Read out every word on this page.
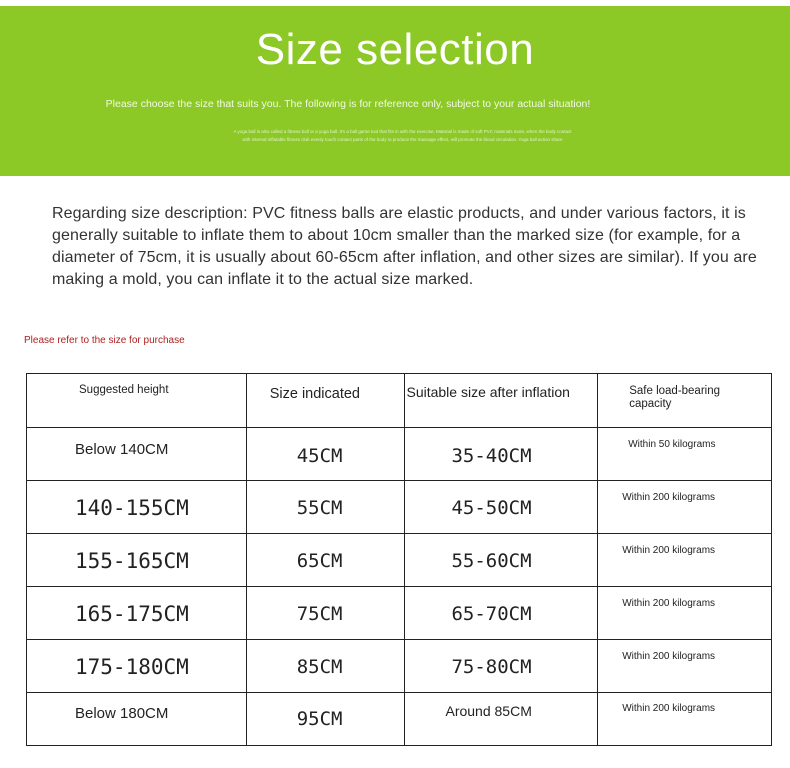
Size selection
Please choose the size that suits you. The following is for reference only, subject to your actual situation!
A yoga ball is also called a fitness ball or a yoga ball. It's a ball game tool that fits in with the exercise. Material is made of soft PVC materials more, when the body contact with internal inflatable fitness club evenly touch contact parts of the body to produce the massage effect, will promote the blood circulation. Yoga ball action share
Regarding size description: PVC fitness balls are elastic products, and under various factors, it is generally suitable to inflate them to about 10cm smaller than the marked size (for example, for a diameter of 75cm, it is usually about 60-65cm after inflation, and other sizes are similar). If you are making a mold, you can inflate it to the actual size marked.
Please refer to the size for purchase
Suggested height	Size indicated	Suitable size after inflation	Safe load-bearing capacity

Below 140CM	45CM	35-40CM	Within 50 kilograms

140-155CM	55CM	45-50CM	Within 200 kilograms

155-165CM	65CM	55-60CM	Within 200 kilograms

165-175CM	75CM	65-70CM	Within 200 kilograms

175-180CM	85CM	75-80CM	Within 200 kilograms

Below 180CM	95CM	Around 85CM	Within 200 kilograms
